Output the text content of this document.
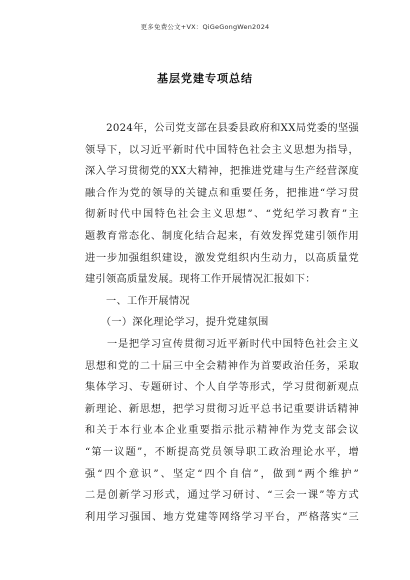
更多免费公文+VX：QiGeGongWen2024
基层党建专项总结
　　2024年，公司党支部在县委县政府和XX局党委的坚强
领导下，以习近平新时代中国特色社会主义思想为指导，
深入学习贯彻党的XX大精神，把推进党建与生产经营深度
融合作为党的领导的关键点和重要任务，把推进“学习贯
彻新时代中国特色社会主义思想”、“党纪学习教育”主
题教育常态化、制度化结合起来，有效发挥党建引领作用
进一步加强组织建设，激发党组织内生动力，以高质量党
建引领高质量发展。现将工作开展情况汇报如下：
　　一、工作开展情况
　　（一）深化理论学习，提升党建氛围
　　一是把学习宣传贯彻习近平新时代中国特色社会主义
思想和党的二十届三中全会精神作为首要政治任务，采取
集体学习、专题研讨、个人自学等形式，学习贯彻新观点
新理论、新思想，把学习贯彻习近平总书记重要讲话精神
和关于本行业本企业重要指示批示精神作为党支部会议
“第一议题”，不断提高党员领导职工政治理论水平，增
强“四个意识”、坚定“四个自信”，做到“两个维护”
二是创新学习形式，通过学习研讨、“三会一课”等方式
利用学习强国、地方党建等网络学习平台，严格落实“三
